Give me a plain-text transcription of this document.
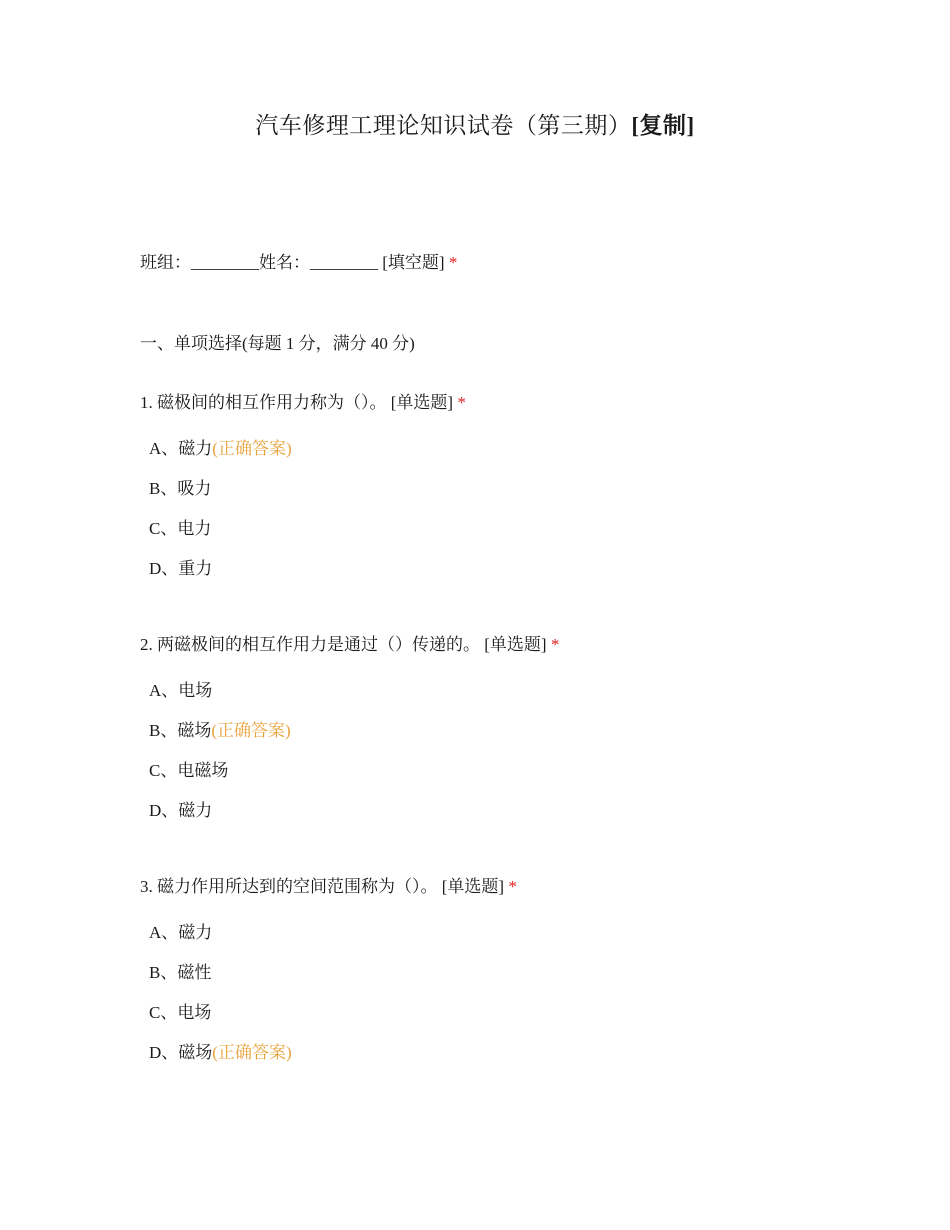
汽车修理工理论知识试卷（第三期）[复制]
班组：________姓名：________ [填空题] *
一、单项选择(每题 1 分，满分 40 分)
1. 磁极间的相互作用力称为（）。 [单选题] *
A、磁力(正确答案)
B、吸力
C、电力
D、重力
2. 两磁极间的相互作用力是通过（）传递的。 [单选题] *
A、电场
B、磁场(正确答案)
C、电磁场
D、磁力
3. 磁力作用所达到的空间范围称为（）。 [单选题] *
A、磁力
B、磁性
C、电场
D、磁场(正确答案)
